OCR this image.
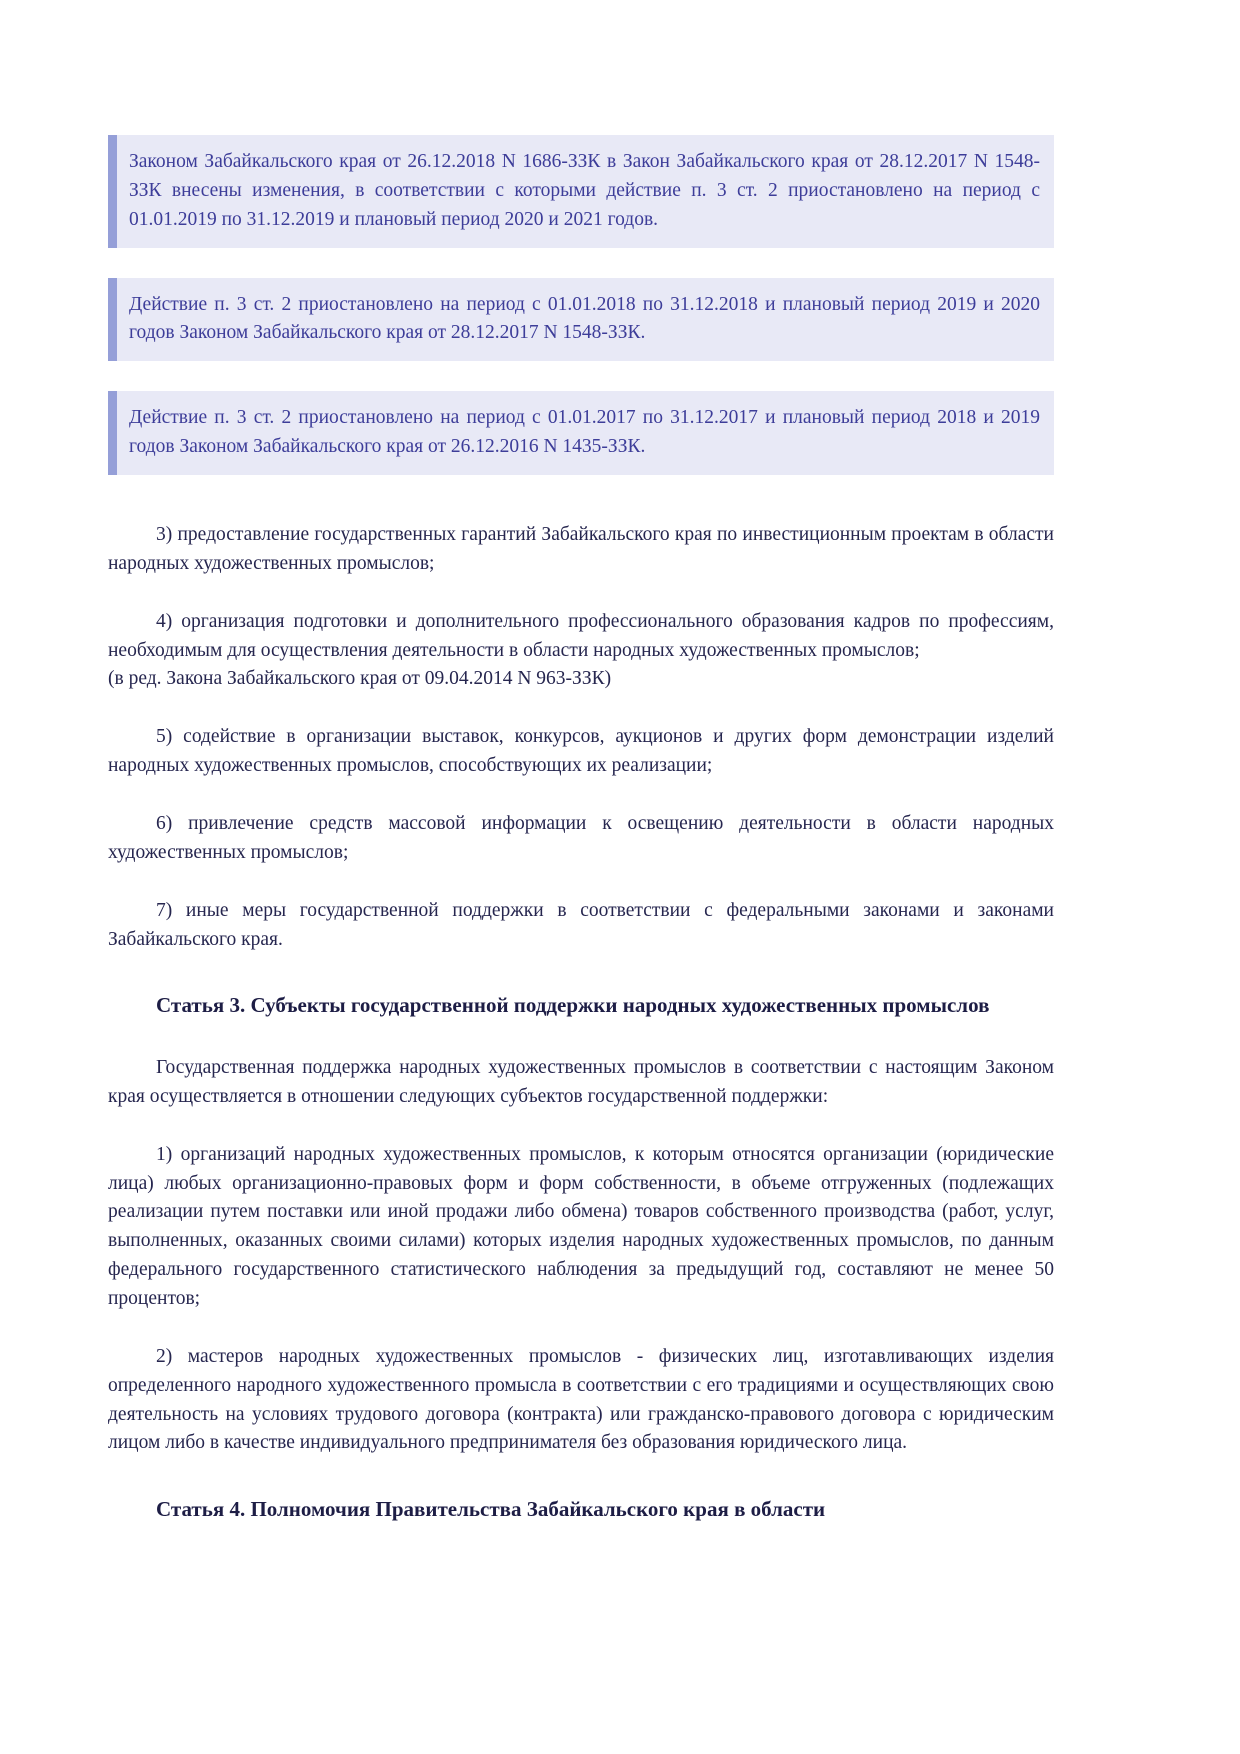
Законом Забайкальского края от 26.12.2018 N 1686-ЗЗК в Закон Забайкальского края от 28.12.2017 N 1548-ЗЗК внесены изменения, в соответствии с которыми действие п. 3 ст. 2 приостановлено на период с 01.01.2019 по 31.12.2019 и плановый период 2020 и 2021 годов.

Действие п. 3 ст. 2 приостановлено на период с 01.01.2018 по 31.12.2018 и плановый период 2019 и 2020 годов Законом Забайкальского края от 28.12.2017 N 1548-ЗЗК.

Действие п. 3 ст. 2 приостановлено на период с 01.01.2017 по 31.12.2017 и плановый период 2018 и 2019 годов Законом Забайкальского края от 26.12.2016 N 1435-ЗЗК.

3) предоставление государственных гарантий Забайкальского края по инвестиционным проектам в области народных художественных промыслов;

4) организация подготовки и дополнительного профессионального образования кадров по профессиям, необходимым для осуществления деятельности в области народных художественных промыслов;

(в ред. Закона Забайкальского края от 09.04.2014 N 963-ЗЗК)

5) содействие в организации выставок, конкурсов, аукционов и других форм демонстрации изделий народных художественных промыслов, способствующих их реализации;

6) привлечение средств массовой информации к освещению деятельности в области народных художественных промыслов;

7) иные меры государственной поддержки в соответствии с федеральными законами и законами Забайкальского края.

Статья 3. Субъекты государственной поддержки народных художественных промыслов

Государственная поддержка народных художественных промыслов в соответствии с настоящим Законом края осуществляется в отношении следующих субъектов государственной поддержки:

1) организаций народных художественных промыслов, к которым относятся организации (юридические лица) любых организационно-правовых форм и форм собственности, в объеме отгруженных (подлежащих реализации путем поставки или иной продажи либо обмена) товаров собственного производства (работ, услуг, выполненных, оказанных своими силами) которых изделия народных художественных промыслов, по данным федерального государственного статистического наблюдения за предыдущий год, составляют не менее 50 процентов;

2) мастеров народных художественных промыслов - физических лиц, изготавливающих изделия определенного народного художественного промысла в соответствии с его традициями и осуществляющих свою деятельность на условиях трудового договора (контракта) или гражданско-правового договора с юридическим лицом либо в качестве индивидуального предпринимателя без образования юридического лица.

Статья 4. Полномочия Правительства Забайкальского края в области
